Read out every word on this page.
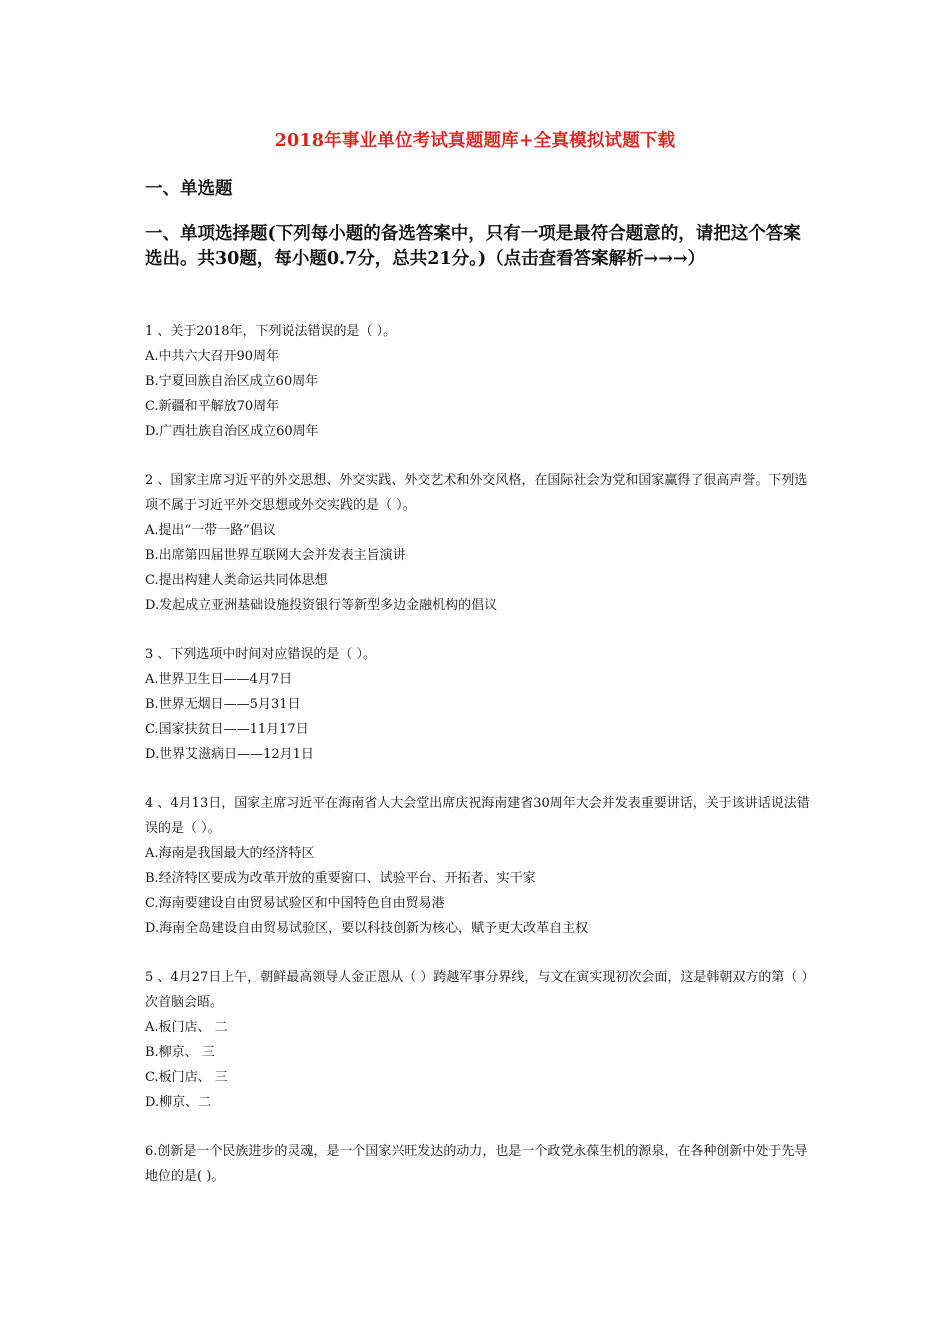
2018年事业单位考试真题题库+全真模拟试题下载
一、单选题
一、单项选择题(下列每小题的备选答案中，只有一项是最符合题意的，请把这个答案选出。共30题，每小题0.7分，总共21分。)（点击查看答案解析→→→）
1 、关于2018年，下列说法错误的是（ ）。
A.中共六大召开90周年
B.宁夏回族自治区成立60周年
C.新疆和平解放70周年
D.广西壮族自治区成立60周年
2 、国家主席习近平的外交思想、外交实践、外交艺术和外交风格，在国际社会为党和国家赢得了很高声誉。下列选项不属于习近平外交思想或外交实践的是（ ）。
A.提出“一带一路”倡议
B.出席第四届世界互联网大会并发表主旨演讲
C.提出构建人类命运共同体思想
D.发起成立亚洲基础设施投资银行等新型多边金融机构的倡议
3 、下列选项中时间对应错误的是（ ）。
A.世界卫生日——4月7日
B.世界无烟日——5月31日
C.国家扶贫日——11月17日
D.世界艾滋病日——12月1日
4 、4月13日，国家主席习近平在海南省人大会堂出席庆祝海南建省30周年大会并发表重要讲话，关于该讲话说法错误的是（ ）。
A.海南是我国最大的经济特区
B.经济特区要成为改革开放的重要窗口、试验平台、开拓者、实干家
C.海南要建设自由贸易试验区和中国特色自由贸易港
D.海南全岛建设自由贸易试验区，要以科技创新为核心，赋予更大改革自主权
5 、4月27日上午，朝鲜最高领导人金正恩从（ ）跨越军事分界线，与文在寅实现初次会面，这是韩朝双方的第（ ）次首脑会晤。
A.板门店、 二
B.柳京、 三
C.板门店、 三
D.柳京、二
6.创新是一个民族进步的灵魂，是一个国家兴旺发达的动力，也是一个政党永葆生机的源泉，在各种创新中处于先导地位的是( )。
